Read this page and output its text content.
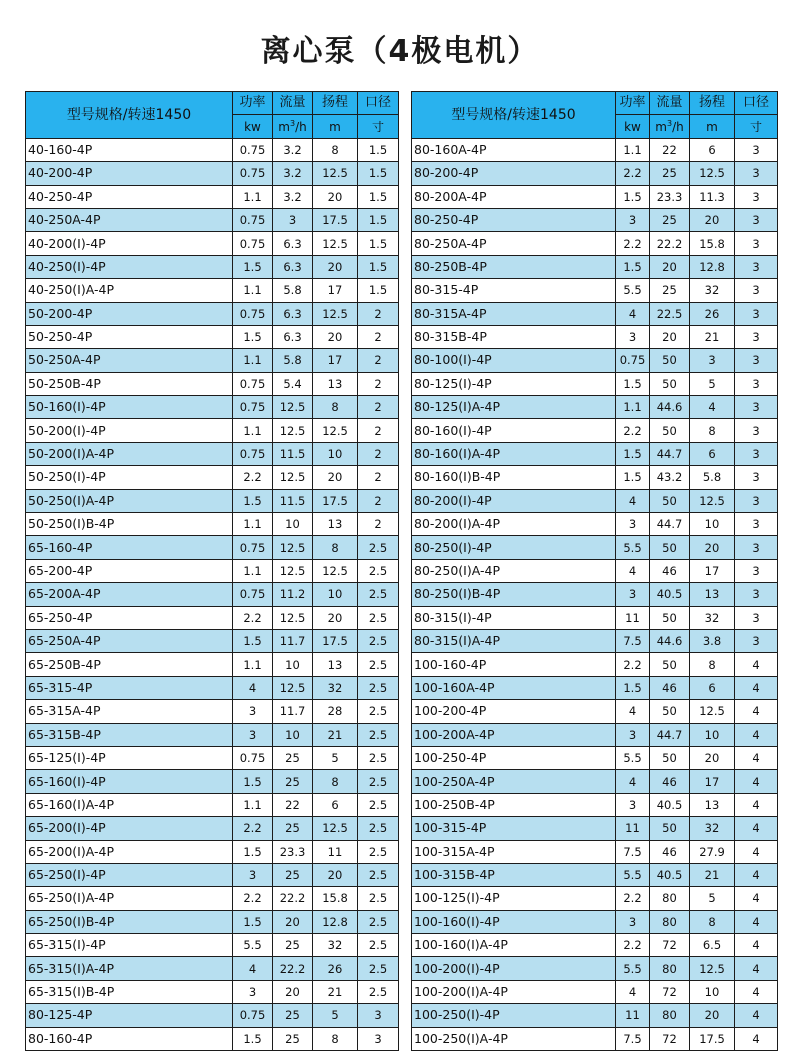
离心泵（4极电机）
型号规格/转速1450	功率	流量	扬程	口径
	kw	$m^3/h$	m	寸
40-160-4P	0.75	3.2	8	1.5
40-200-4P	0.75	3.2	12.5	1.5
40-250-4P	1.1	3.2	20	1.5
40-250A-4P	0.75	3	17.5	1.5
40-200(I)-4P	0.75	6.3	12.5	1.5
40-250(I)-4P	1.5	6.3	20	1.5
40-250(I)A-4P	1.1	5.8	17	1.5
50-200-4P	0.75	6.3	12.5	2
50-250-4P	1.5	6.3	20	2
50-250A-4P	1.1	5.8	17	2
50-250B-4P	0.75	5.4	13	2
50-160(I)-4P	0.75	12.5	8	2
50-200(I)-4P	1.1	12.5	12.5	2
50-200(I)A-4P	0.75	11.5	10	2
50-250(I)-4P	2.2	12.5	20	2
50-250(I)A-4P	1.5	11.5	17.5	2
50-250(I)B-4P	1.1	10	13	2
65-160-4P	0.75	12.5	8	2.5
65-200-4P	1.1	12.5	12.5	2.5
65-200A-4P	0.75	11.2	10	2.5
65-250-4P	2.2	12.5	20	2.5
65-250A-4P	1.5	11.7	17.5	2.5
65-250B-4P	1.1	10	13	2.5
65-315-4P	4	12.5	32	2.5
65-315A-4P	3	11.7	28	2.5
65-315B-4P	3	10	21	2.5
65-125(I)-4P	0.75	25	5	2.5
65-160(I)-4P	1.5	25	8	2.5
65-160(I)A-4P	1.1	22	6	2.5
65-200(I)-4P	2.2	25	12.5	2.5
65-200(I)A-4P	1.5	23.3	11	2.5
65-250(I)-4P	3	25	20	2.5
65-250(I)A-4P	2.2	22.2	15.8	2.5
65-250(I)B-4P	1.5	20	12.8	2.5
65-315(I)-4P	5.5	25	32	2.5
65-315(I)A-4P	4	22.2	26	2.5
65-315(I)B-4P	3	20	21	2.5
80-125-4P	0.75	25	5	3
80-160-4P	1.5	25	8	3
型号规格/转速1450	功率	流量	扬程	口径
	kw	$m^3/h$	m	寸
80-160A-4P	1.1	22	6	3
80-200-4P	2.2	25	12.5	3
80-200A-4P	1.5	23.3	11.3	3
80-250-4P	3	25	20	3
80-250A-4P	2.2	22.2	15.8	3
80-250B-4P	1.5	20	12.8	3
80-315-4P	5.5	25	32	3
80-315A-4P	4	22.5	26	3
80-315B-4P	3	20	21	3
80-100(I)-4P	0.75	50	3	3
80-125(I)-4P	1.5	50	5	3
80-125(I)A-4P	1.1	44.6	4	3
80-160(I)-4P	2.2	50	8	3
80-160(I)A-4P	1.5	44.7	6	3
80-160(I)B-4P	1.5	43.2	5.8	3
80-200(I)-4P	4	50	12.5	3
80-200(I)A-4P	3	44.7	10	3
80-250(I)-4P	5.5	50	20	3
80-250(I)A-4P	4	46	17	3
80-250(I)B-4P	3	40.5	13	3
80-315(I)-4P	11	50	32	3
80-315(I)A-4P	7.5	44.6	3.8	3
100-160-4P	2.2	50	8	4
100-160A-4P	1.5	46	6	4
100-200-4P	4	50	12.5	4
100-200A-4P	3	44.7	10	4
100-250-4P	5.5	50	20	4
100-250A-4P	4	46	17	4
100-250B-4P	3	40.5	13	4
100-315-4P	11	50	32	4
100-315A-4P	7.5	46	27.9	4
100-315B-4P	5.5	40.5	21	4
100-125(I)-4P	2.2	80	5	4
100-160(I)-4P	3	80	8	4
100-160(I)A-4P	2.2	72	6.5	4
100-200(I)-4P	5.5	80	12.5	4
100-200(I)A-4P	4	72	10	4
100-250(I)-4P	11	80	20	4
100-250(I)A-4P	7.5	72	17.5	4
